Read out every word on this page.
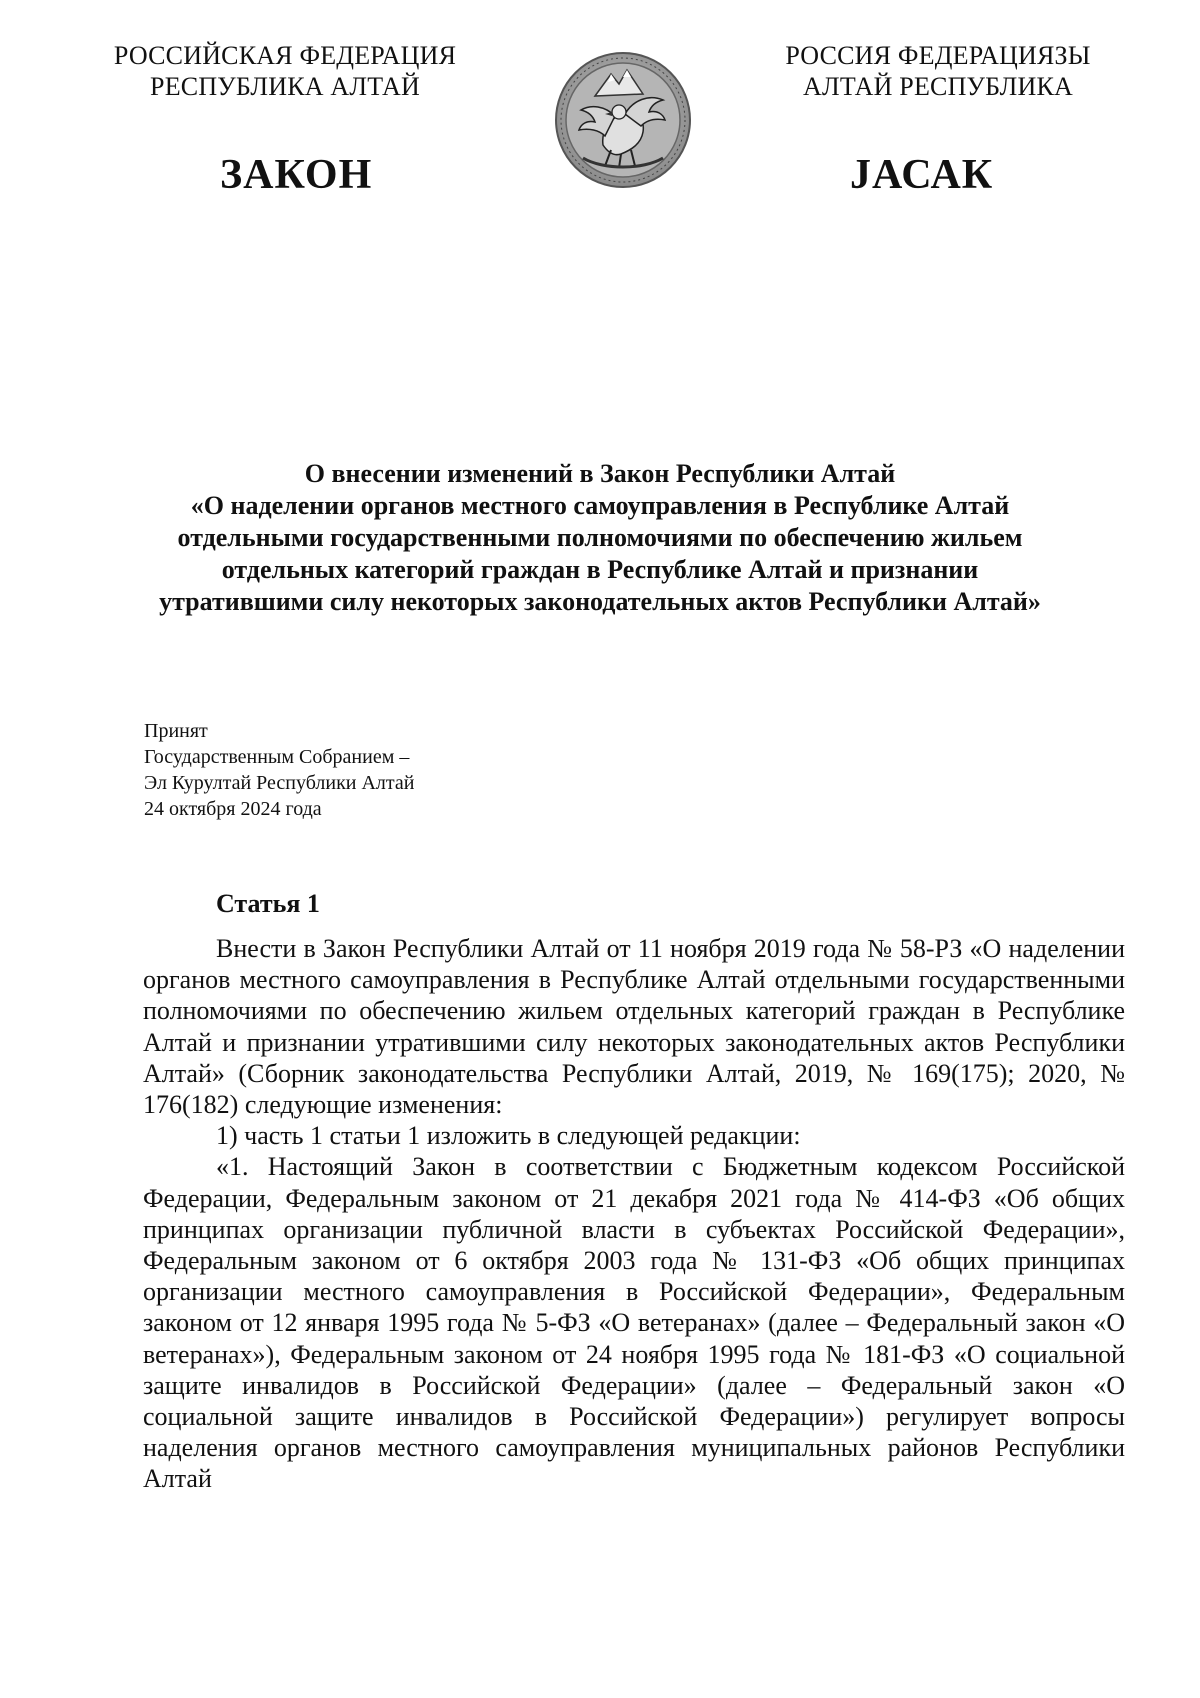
РОССИЙСКАЯ ФЕДЕРАЦИЯ
РЕСПУБЛИКА АЛТАЙ
РОССИЯ ФЕДЕРАЦИЯЗЫ
АЛТАЙ РЕСПУБЛИКА
ЗАКОН	JАСАК
О внесении изменений в Закон Республики Алтай
«О наделении органов местного самоуправления в Республике Алтай
отдельными государственными полномочиями по обеспечению жильем
отдельных категорий граждан в Республике Алтай и признании
утратившими силу некоторых законодательных актов Республики Алтай»
Принят
Государственным Собранием –
Эл Курултай Республики Алтай
24 октября 2024 года
Статья 1

Внести в Закон Республики Алтай от 11 ноября 2019 года № 58-РЗ «О наделении органов местного самоуправления в Республике Алтай отдельными государственными полномочиями по обеспечению жильем отдельных категорий граждан в Республике Алтай и признании утратившими силу некоторых законодательных актов Республики Алтай» (Сборник законодательства Республики Алтай, 2019, № 169(175); 2020, № 176(182) следующие изменения:

1) часть 1 статьи 1 изложить в следующей редакции:

«1. Настоящий Закон в соответствии с Бюджетным кодексом Российской Федерации, Федеральным законом от 21 декабря 2021 года № 414-ФЗ «Об общих принципах организации публичной власти в субъектах Российской Федерации», Федеральным законом от 6 октября 2003 года № 131-ФЗ «Об общих принципах организации местного самоуправления в Российской Федерации», Федеральным законом от 12 января 1995 года № 5-ФЗ «О ветеранах» (далее – Федеральный закон «О ветеранах»), Федеральным законом от 24 ноября 1995 года № 181-ФЗ «О социальной защите инвалидов в Российской Федерации» (далее – Федеральный закон «О социальной защите инвалидов в Российской Федерации») регулирует вопросы наделения органов местного самоуправления муниципальных районов Республики Алтай
